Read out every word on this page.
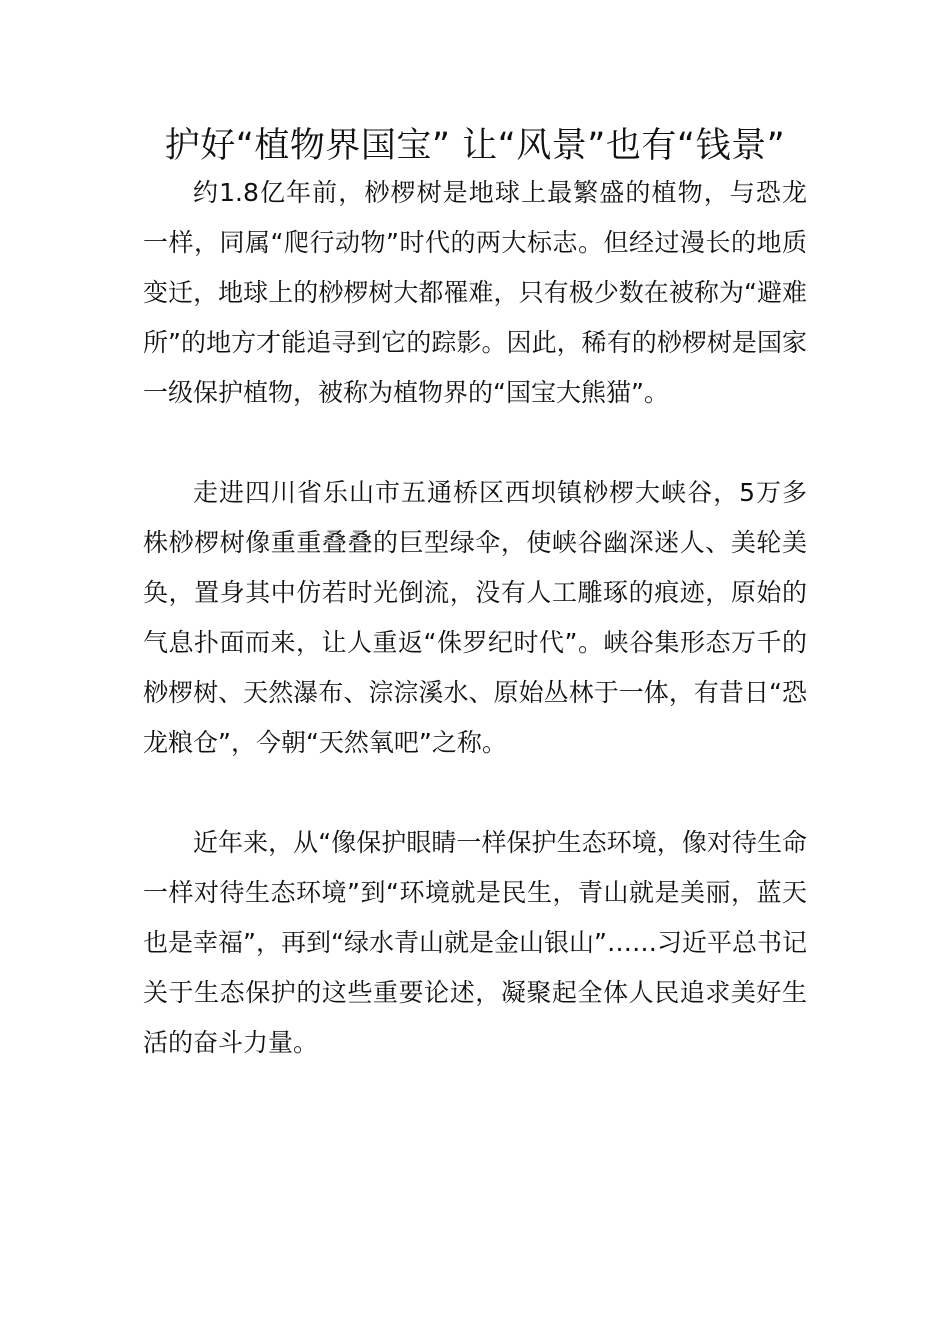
护好“植物界国宝” 让“风景”也有“钱景”

约1.8亿年前，桫椤树是地球上最繁盛的植物，与恐龙一样，同属“爬行动物”时代的两大标志。但经过漫长的地质变迁，地球上的桫椤树大都罹难，只有极少数在被称为“避难所”的地方才能追寻到它的踪影。因此，稀有的桫椤树是国家一级保护植物，被称为植物界的“国宝大熊猫”。

走进四川省乐山市五通桥区西坝镇桫椤大峡谷，5万多株桫椤树像重重叠叠的巨型绿伞，使峡谷幽深迷人、美轮美奂，置身其中仿若时光倒流，没有人工雕琢的痕迹，原始的气息扑面而来，让人重返“侏罗纪时代”。峡谷集形态万千的桫椤树、天然瀑布、淙淙溪水、原始丛林于一体，有昔日“恐龙粮仓”，今朝“天然氧吧”之称。

近年来，从“像保护眼睛一样保护生态环境，像对待生命一样对待生态环境”到“环境就是民生，青山就是美丽，蓝天也是幸福”，再到“绿水青山就是金山银山”……习近平总书记关于生态保护的这些重要论述，凝聚起全体人民追求美好生活的奋斗力量。
